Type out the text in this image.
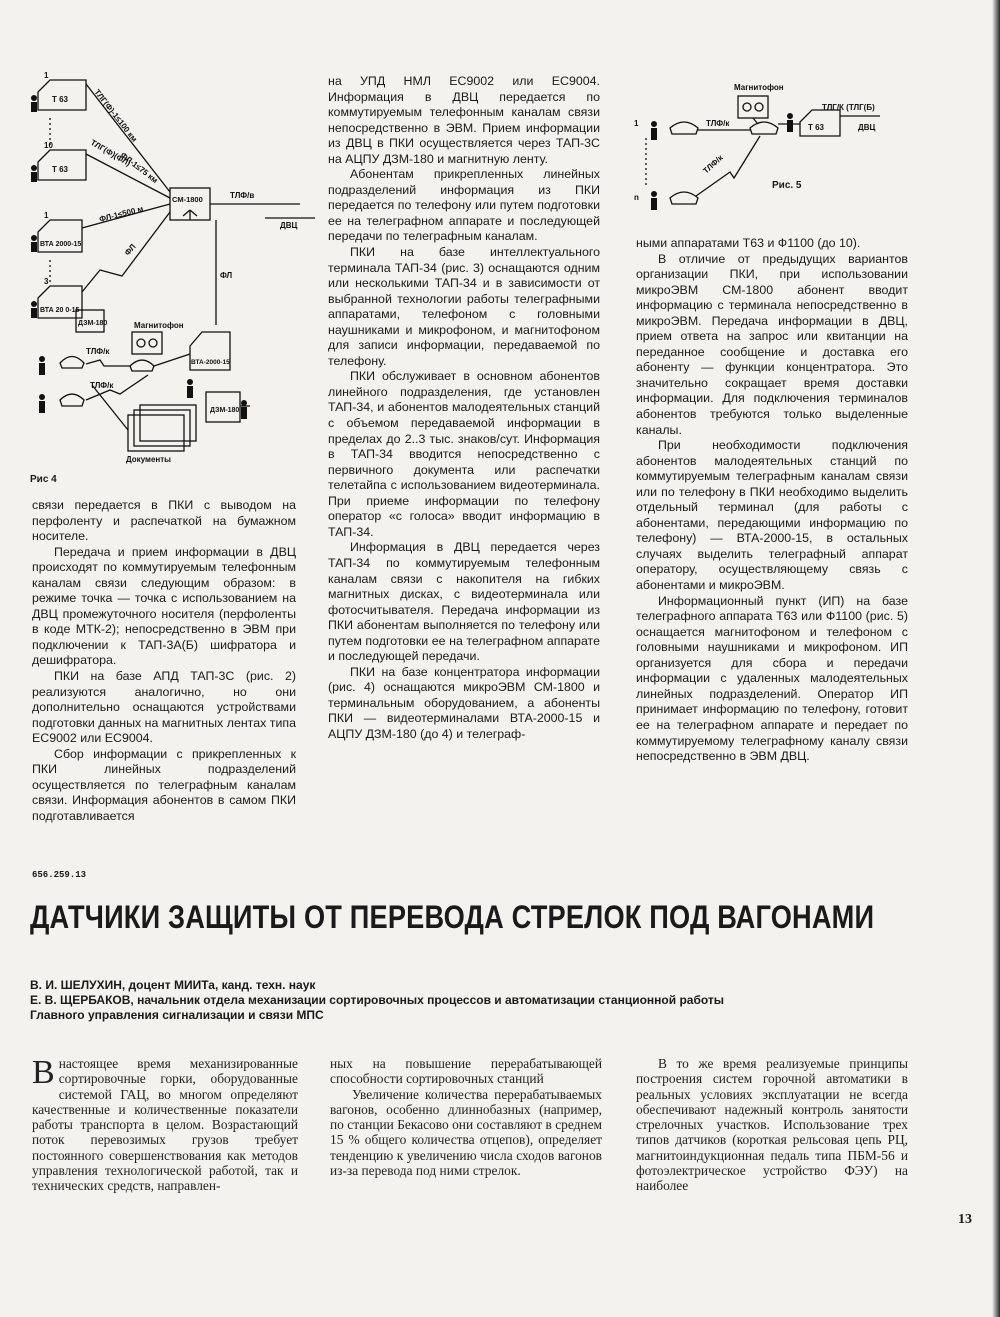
Т 63
Т 63
1
10
1
3
ТЛГ(Ф)-1≤100 км
ТЛГ(Ф)(ФЛ)
ФЛ-1≤75 км
ФЛ-1≤500 м
ФЛ
ФЛ
ВТА 2000-15
ВТА 20 0-15
ДЗМ-180
СМ-1800	ТЛФ/в
ДВЦ
Магнитофон
ТЛФ/к
ТЛФ/к
ВТА-2000-15
ДЗМ-180
Документы
Рис 4
Магнитофон
ТЛФ/к
ТЛФ/к
ТЛГ/К (ТЛГ(Б)
ДВЦ
Т 63
1
n
Рис. 5

связи передается в ПКИ с выводом на перфоленту и распечаткой на бумажном носителе.

Передача и прием информации в ДВЦ происходят по коммутируемым телефонным каналам связи следующим образом: в режиме точка — точка с использованием на ДВЦ промежуточного носителя (перфоленты в коде МТК-2); непосредственно в ЭВМ при подключении к ТАП-3А(Б) шифратора и дешифратора.

ПКИ на базе АПД ТАП-3С (рис. 2) реализуются аналогично, но они дополнительно оснащаются устройствами подготовки данных на магнитных лентах типа ЕС9002 или ЕС9004.

Сбор информации с прикрепленных к ПКИ линейных подразделений осуществляется по телеграфным каналам связи. Информация абонентов в самом ПКИ подготавливается

на УПД НМЛ ЕС9002 или ЕС9004. Информация в ДВЦ передается по коммутируемым телефонным каналам связи непосредственно в ЭВМ. Прием информации из ДВЦ в ПКИ осуществляется через ТАП-3С на АЦПУ ДЗМ-180 и магнитную ленту.

Абонентам прикрепленных линейных подразделений информация из ПКИ передается по телефону или путем подготовки ее на телеграфном аппарате и последующей передачи по телеграфным каналам.

ПКИ на базе интеллектуального терминала ТАП-34 (рис. 3) оснащаются одним или несколькими ТАП-34 и в зависимости от выбранной технологии работы телеграфными аппаратами, телефоном с головными наушниками и микрофоном, и магнитофоном для записи информации, передаваемой по телефону.

ПКИ обслуживает в основном абонентов линейного подразделения, где установлен ТАП-34, и абонентов малодеятельных станций с объемом передаваемой информации в пределах до 2..3 тыс. знаков/сут. Информация в ТАП-34 вводится непосредственно с первичного документа или распечатки телетайпа с использованием видеотерминала. При приеме информации по телефону оператор «с голоса» вводит информацию в ТАП-34.

Информация в ДВЦ передается через ТАП-34 по коммутируемым телефонным каналам связи с накопителя на гибких магнитных дисках, с видеотерминала или фотосчитывателя. Передача информации из ПКИ абонентам выполняется по телефону или путем подготовки ее на телеграфном аппарате и последующей передачи.

ПКИ на базе концентратора информации (рис. 4) оснащаются микроЭВМ СМ-1800 и терминальным оборудованием, а абоненты ПКИ — видеотерминалами ВТА-2000-15 и АЦПУ ДЗМ-180 (до 4) и телеграф-

ными аппаратами Т63 и Ф1100 (до 10).

В отличие от предыдущих вариантов организации ПКИ, при использовании микроЭВМ СМ-1800 абонент вводит информацию с терминала непосредственно в микроЭВМ. Передача информации в ДВЦ, прием ответа на запрос или квитанции на переданное сообщение и доставка его абоненту — функции концентратора. Это значительно сокращает время доставки информации. Для подключения терминалов абонентов требуются только выделенные каналы.

При необходимости подключения абонентов малодеятельных станций по коммутируемым телеграфным каналам связи или по телефону в ПКИ необходимо выделить отдельный терминал (для работы с абонентами, передающими информацию по телефону) — ВТА-2000-15, в остальных случаях выделить телеграфный аппарат оператору, осуществляющему связь с абонентами и микроЭВМ.

Информационный пункт (ИП) на базе телеграфного аппарата Т63 или Ф1100 (рис. 5) оснащается магнитофоном и телефоном с головными наушниками и микрофоном. ИП организуется для сбора и передачи информации с удаленных малодеятельных линейных подразделений. Оператор ИП принимает информацию по телефону, готовит ее на телеграфном аппарате и передает по коммутируемому телеграфному каналу связи непосредственно в ЭВМ ДВЦ.

656.259.13
ДАТЧИКИ ЗАЩИТЫ ОТ ПЕРЕВОДА СТРЕЛОК ПОД ВАГОНАМИ
В. И. ШЕЛУХИН, доцент МИИТа, канд. техн. наук
Е. В. ЩЕРБАКОВ, начальник отдела механизации сортировочных процессов и автоматизации станционной работы
Главного управления сигнализации и связи МПС

Внастоящее время механизированные сортировочные горки, оборудованные системой ГАЦ, во многом определяют качественные и количественные показатели работы транспорта в целом. Возрастающий поток перевозимых грузов требует постоянного совершенствования как методов управления технологической работой, так и технических средств, направлен-

ных на повышение перерабатывающей способности сортировочных станций

Увеличение количества перерабатываемых вагонов, особенно длиннобазных (например, по станции Бекасово они составляют в среднем 15 % общего количества отцепов), определяет тенденцию к увеличению числа сходов вагонов из-за перевода под ними стрелок.

В то же время реализуемые принципы построения систем горочной автоматики в реальных условиях эксплуатации не всегда обеспечивают надежный контроль занятости стрелочных участков. Использование трех типов датчиков (короткая рельсовая цепь РЦ, магнитоиндукционная педаль типа ПБМ-56 и фотоэлектрическое устройство ФЭУ) на наиболее

13
